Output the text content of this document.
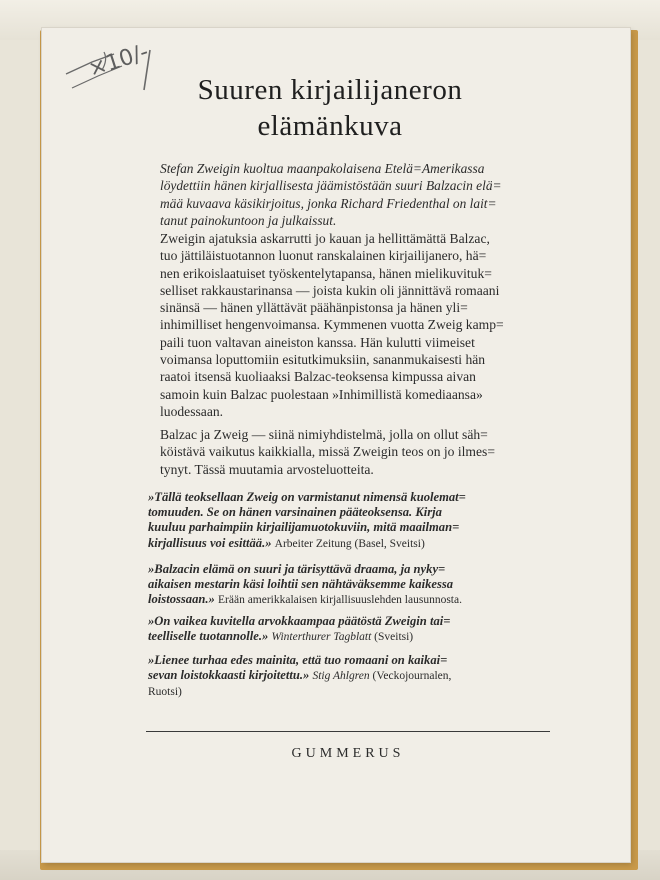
×10/-
Suuren kirjailijaneron
elämänkuva

Stefan Zweigin kuoltua maanpakolaisena Etelä=Amerikassa
löydettiin hänen kirjallisesta jäämistöstään suuri Balzacin elä=
mää kuvaava käsikirjoitus, jonka Richard Friedenthal on lait=
tanut painokuntoon ja julkaissut.

Zweigin ajatuksia askarrutti jo kauan ja hellittämättä Balzac,
tuo jättiläistuotannon luonut ranskalainen kirjailijanero, hä=
nen erikoislaatuiset työskentelytapansa, hänen mielikuvituk=
selliset rakkaustarinansa — joista kukin oli jännittävä romaani
sinänsä — hänen yllättävät päähänpistonsa ja hänen yli=
inhimilliset hengenvoimansa. Kymmenen vuotta Zweig kamp=
paili tuon valtavan aineiston kanssa. Hän kulutti viimeiset
voimansa loputtomiin esitutkimuksiin, sananmukaisesti hän
raatoi itsensä kuoliaaksi Balzac-teoksensa kimpussa aivan
samoin kuin Balzac puolestaan »Inhimillistä komediaansa»
luodessaan.

Balzac ja Zweig — siinä nimiyhdistelmä, jolla on ollut säh=
köistävä vaikutus kaikkialla, missä Zweigin teos on jo ilmes=
tynyt. Tässä muutamia arvosteluotteita.

»Tällä teoksellaan Zweig on varmistanut nimensä kuolemat=
tomuuden. Se on hänen varsinainen pääteoksensa. Kirja
kuuluu parhaimpiin kirjailijamuotokuviin, mitä maailman=
kirjallisuus voi esittää.» Arbeiter Zeitung (Basel, Sveitsi)

»Balzacin elämä on suuri ja tärisyttävä draama, ja nyky=
aikaisen mestarin käsi loihtii sen nähtäväksemme kaikessa
loistossaan.» Erään amerikkalaisen kirjallisuuslehden lausunnosta.

»On vaikea kuvitella arvokkaampaa päätöstä Zweigin tai=
teelliselle tuotannolle.» Winterthurer Tagblatt (Sveitsi)

»Lienee turhaa edes mainita, että tuo romaani on kaikai=
sevan loistokkaasti kirjoitettu.» Stig Ahlgren (Veckojournalen,
Ruotsi)

GUMMERUS
